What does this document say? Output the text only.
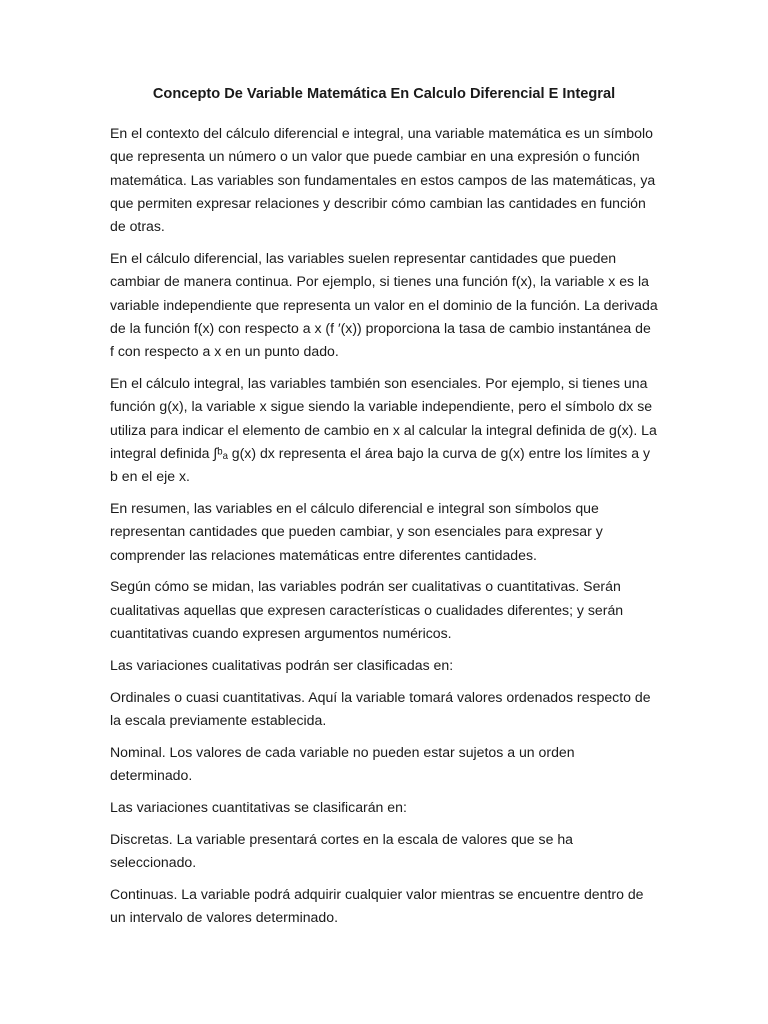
Concepto De Variable Matemática En Calculo Diferencial E Integral

En el contexto del cálculo diferencial e integral, una variable matemática es un símbolo que representa un número o un valor que puede cambiar en una expresión o función matemática. Las variables son fundamentales en estos campos de las matemáticas, ya que permiten expresar relaciones y describir cómo cambian las cantidades en función de otras.

En el cálculo diferencial, las variables suelen representar cantidades que pueden cambiar de manera continua. Por ejemplo, si tienes una función f(x), la variable x es la variable independiente que representa un valor en el dominio de la función. La derivada de la función f(x) con respecto a x (f ′(x)) proporciona la tasa de cambio instantánea de f con respecto a x en un punto dado.

En el cálculo integral, las variables también son esenciales. Por ejemplo, si tienes una función g(x), la variable x sigue siendo la variable independiente, pero el símbolo dx se utiliza para indicar el elemento de cambio en x al calcular la integral definida de g(x). La integral definida ∫ᵇₐ g(x) dx representa el área bajo la curva de g(x) entre los límites a y b en el eje x.

En resumen, las variables en el cálculo diferencial e integral son símbolos que representan cantidades que pueden cambiar, y son esenciales para expresar y comprender las relaciones matemáticas entre diferentes cantidades.

Según cómo se midan, las variables podrán ser cualitativas o cuantitativas. Serán cualitativas aquellas que expresen características o cualidades diferentes; y serán cuantitativas cuando expresen argumentos numéricos.

Las variaciones cualitativas podrán ser clasificadas en:

Ordinales o cuasi cuantitativas. Aquí la variable tomará valores ordenados respecto de la escala previamente establecida.

Nominal. Los valores de cada variable no pueden estar sujetos a un orden determinado.

Las variaciones cuantitativas se clasificarán en:

Discretas. La variable presentará cortes en la escala de valores que se ha seleccionado.

Continuas. La variable podrá adquirir cualquier valor mientras se encuentre dentro de un intervalo de valores determinado.
